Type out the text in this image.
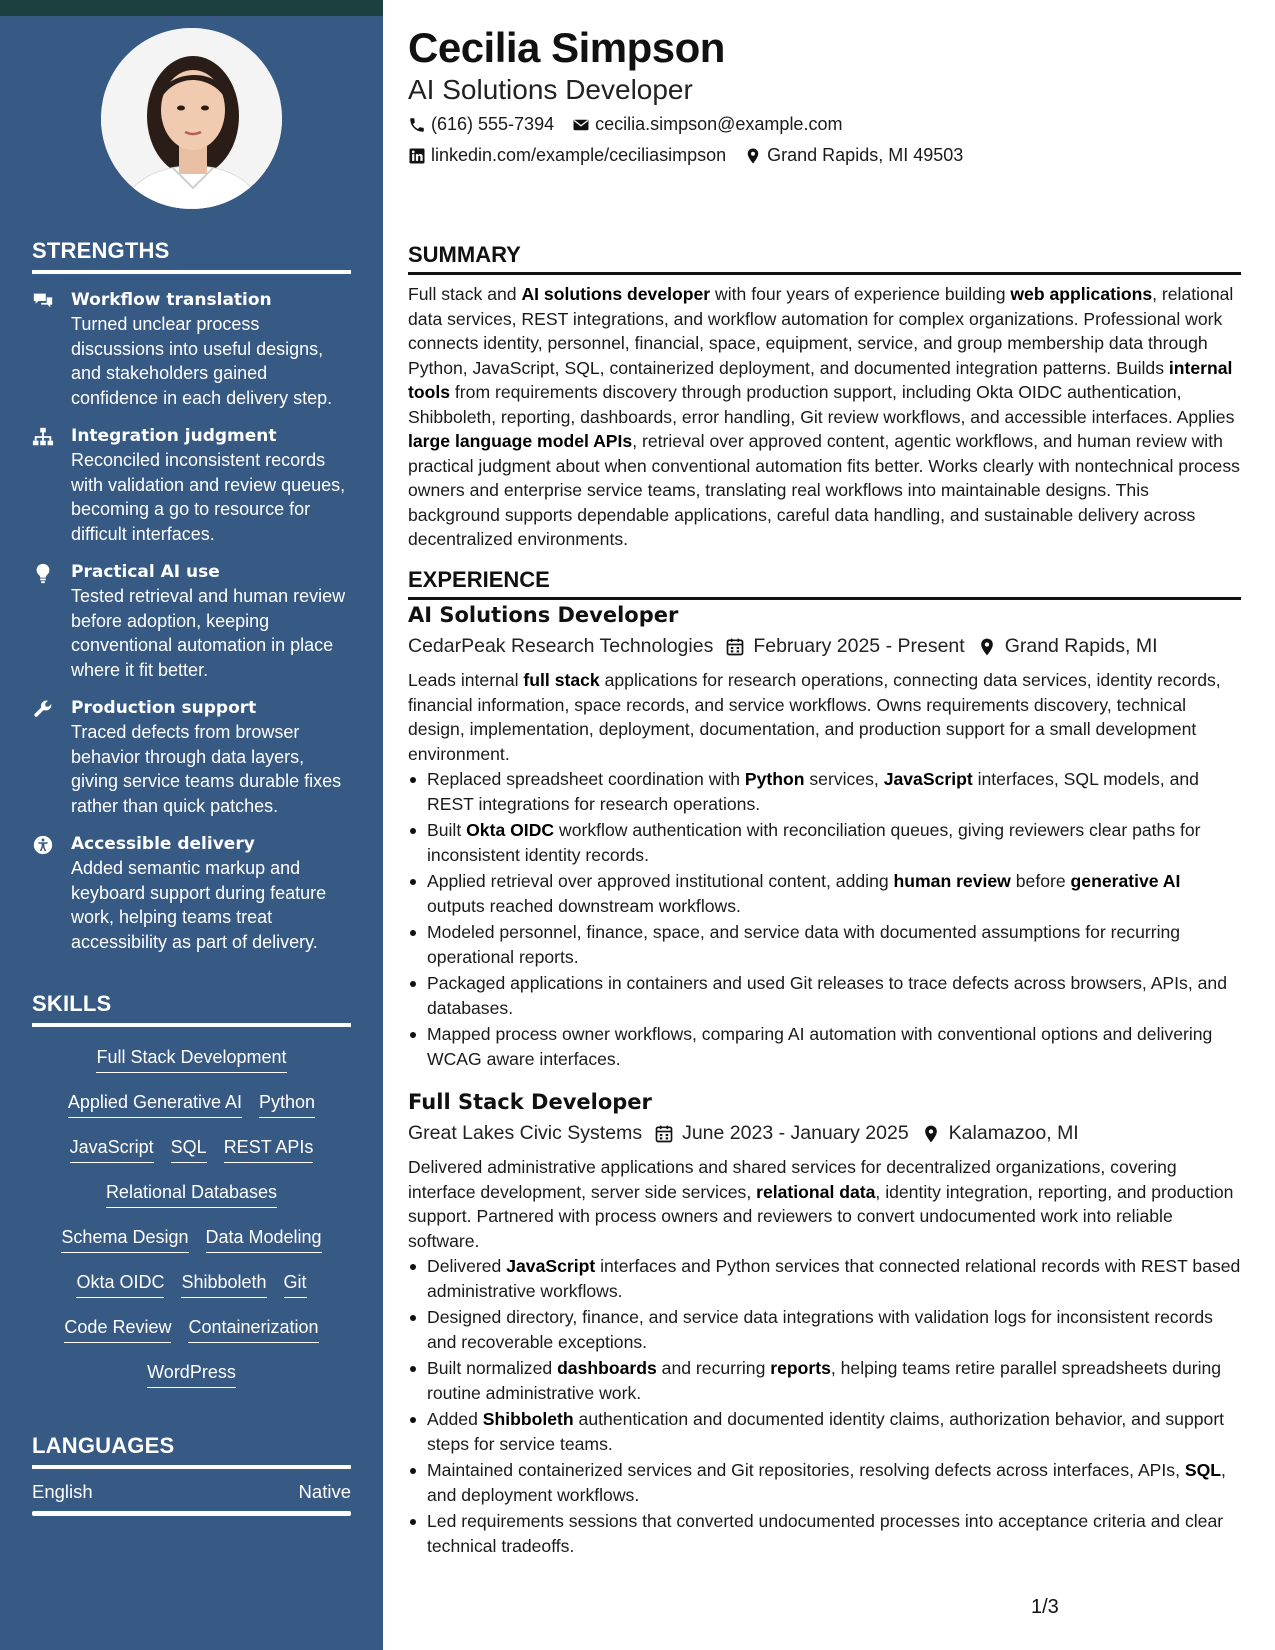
STRENGTHS
Workflow translation
Turned unclear process discussions into useful designs, and stakeholders gained confidence in each delivery step.
Integration judgment
Reconciled inconsistent records with validation and review queues, becoming a go to resource for difficult interfaces.
Practical AI use
Tested retrieval and human review before adoption, keeping conventional automation in place where it fit better.
Production support
Traced defects from browser behavior through data layers, giving service teams durable fixes rather than quick patches.
Accessible delivery
Added semantic markup and keyboard support during feature work, helping teams treat accessibility as part of delivery.
SKILLS
Full Stack Development
Applied Generative AI Python
JavaScript SQL REST APIs
Relational Databases
Schema Design Data Modeling
Okta OIDC Shibboleth Git
Code Review Containerization
WordPress
LANGUAGES
English	Native
Cecilia Simpson
AI Solutions Developer
(616) 555-7394 cecilia.simpson@example.com
linkedin.com/example/ceciliasimpson Grand Rapids, MI 49503
SUMMARY
Full stack and AI solutions developer with four years of experience building web applications, relational data services, REST integrations, and workflow automation for complex organizations. Professional work connects identity, personnel, financial, space, equipment, service, and group membership data through Python, JavaScript, SQL, containerized deployment, and documented integration patterns. Builds internal tools from requirements discovery through production support, including Okta OIDC authentication, Shibboleth, reporting, dashboards, error handling, Git review workflows, and accessible interfaces. Applies large language model APIs, retrieval over approved content, agentic workflows, and human review with practical judgment about when conventional automation fits better. Works clearly with nontechnical process owners and enterprise service teams, translating real workflows into maintainable designs. This background supports dependable applications, careful data handling, and sustainable delivery across decentralized environments.
EXPERIENCE
AI Solutions Developer
CedarPeak Research Technologies February 2025 - Present Grand Rapids, MI
Leads internal full stack applications for research operations, connecting data services, identity records, financial information, space records, and service workflows. Owns requirements discovery, technical design, implementation, deployment, documentation, and production support for a small development environment.
Replaced spreadsheet coordination with Python services, JavaScript interfaces, SQL models, and REST integrations for research operations.
Built Okta OIDC workflow authentication with reconciliation queues, giving reviewers clear paths for inconsistent identity records.
Applied retrieval over approved institutional content, adding human review before generative AI outputs reached downstream workflows.
Modeled personnel, finance, space, and service data with documented assumptions for recurring operational reports.
Packaged applications in containers and used Git releases to trace defects across browsers, APIs, and databases.
Mapped process owner workflows, comparing AI automation with conventional options and delivering WCAG aware interfaces.
Full Stack Developer
Great Lakes Civic Systems June 2023 - January 2025 Kalamazoo, MI
Delivered administrative applications and shared services for decentralized organizations, covering interface development, server side services, relational data, identity integration, reporting, and production support. Partnered with process owners and reviewers to convert undocumented work into reliable software.
Delivered JavaScript interfaces and Python services that connected relational records with REST based administrative workflows.
Designed directory, finance, and service data integrations with validation logs for inconsistent records and recoverable exceptions.
Built normalized dashboards and recurring reports, helping teams retire parallel spreadsheets during routine administrative work.
Added Shibboleth authentication and documented identity claims, authorization behavior, and support steps for service teams.
Maintained containerized services and Git repositories, resolving defects across interfaces, APIs, SQL, and deployment workflows.
Led requirements sessions that converted undocumented processes into acceptance criteria and clear technical tradeoffs.
1/3
